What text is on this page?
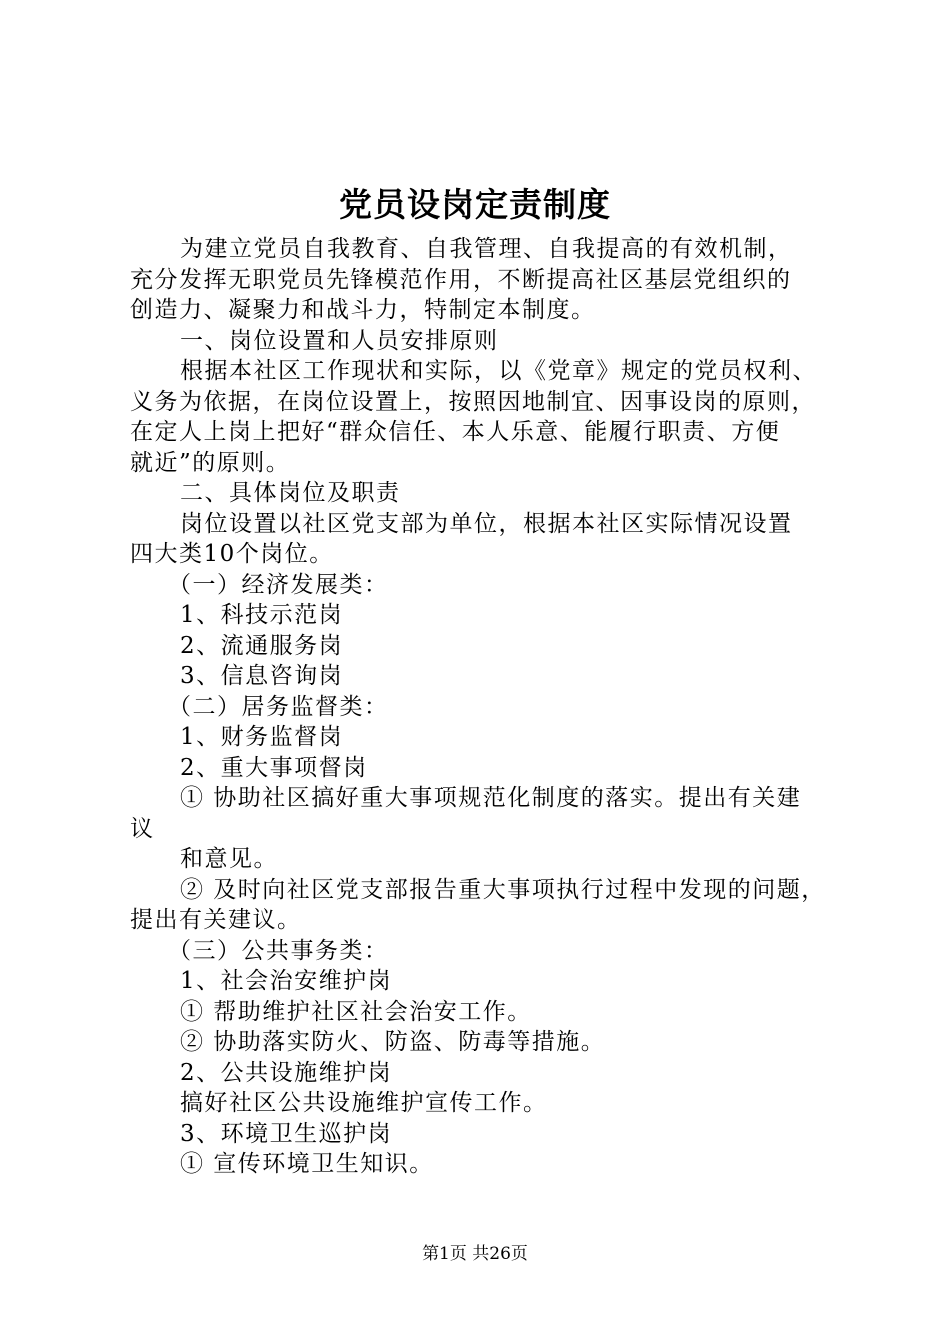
党员设岗定责制度
为建立党员自我教育、自我管理、自我提高的有效机制，
充分发挥无职党员先锋模范作用，不断提高社区基层党组织的
创造力、凝聚力和战斗力，特制定本制度。
一、岗位设置和人员安排原则
根据本社区工作现状和实际，以《党章》规定的党员权利、
义务为依据，在岗位设置上，按照因地制宜、因事设岗的原则，
在定人上岗上把好“群众信任、本人乐意、能履行职责、方便
就近”的原则。
二、具体岗位及职责
岗位设置以社区党支部为单位，根据本社区实际情况设置
四大类10个岗位。
（一）经济发展类：
1、科技示范岗
2、流通服务岗
3、信息咨询岗
（二）居务监督类：
1、财务监督岗
2、重大事项督岗
① 协助社区搞好重大事项规范化制度的落实。提出有关建
议
和意见。
② 及时向社区党支部报告重大事项执行过程中发现的问题，
提出有关建议。
（三）公共事务类：
1、社会治安维护岗
① 帮助维护社区社会治安工作。
② 协助落实防火、防盗、防毒等措施。
2、公共设施维护岗
搞好社区公共设施维护宣传工作。
3、环境卫生巡护岗
① 宣传环境卫生知识。
第1页 共26页
